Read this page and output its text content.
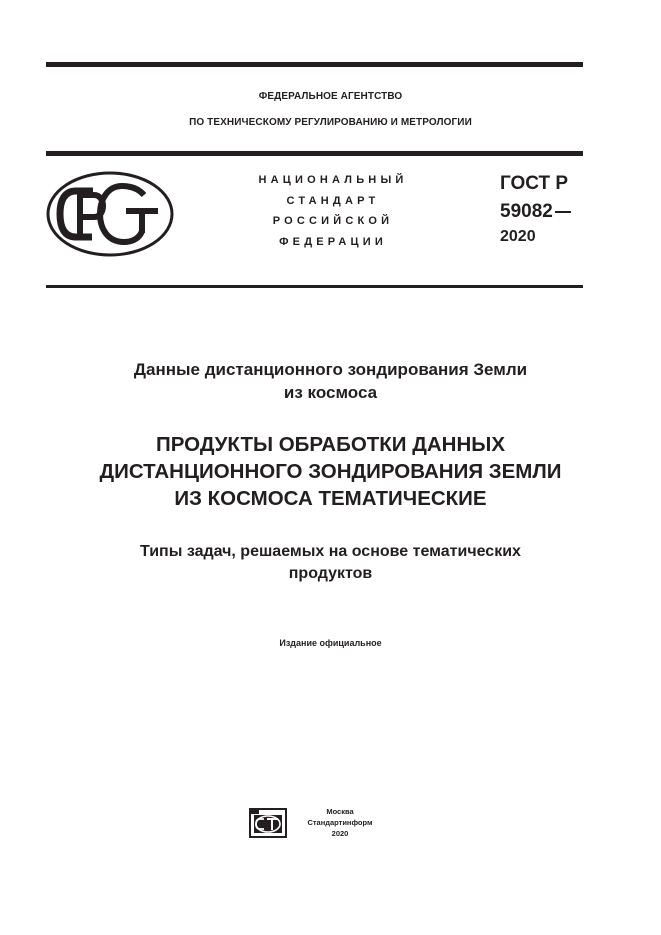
ФЕДЕРАЛЬНОЕ АГЕНТСТВО
ПО ТЕХНИЧЕСКОМУ РЕГУЛИРОВАНИЮ И МЕТРОЛОГИИ
НАЦИОНАЛЬНЫЙ
СТАНДАРТ
РОССИЙСКОЙ
ФЕДЕРАЦИИ
ГОСТ Р
59082
2020
Данные дистанционного зондирования Земли
из космоса
ПРОДУКТЫ ОБРАБОТКИ ДАННЫХ
ДИСТАНЦИОННОГО ЗОНДИРОВАНИЯ ЗЕМЛИ
ИЗ КОСМОСА ТЕМАТИЧЕСКИЕ
Типы задач, решаемых на основе тематических
продуктов
Издание официальное
Москва
Стандартинформ
2020
